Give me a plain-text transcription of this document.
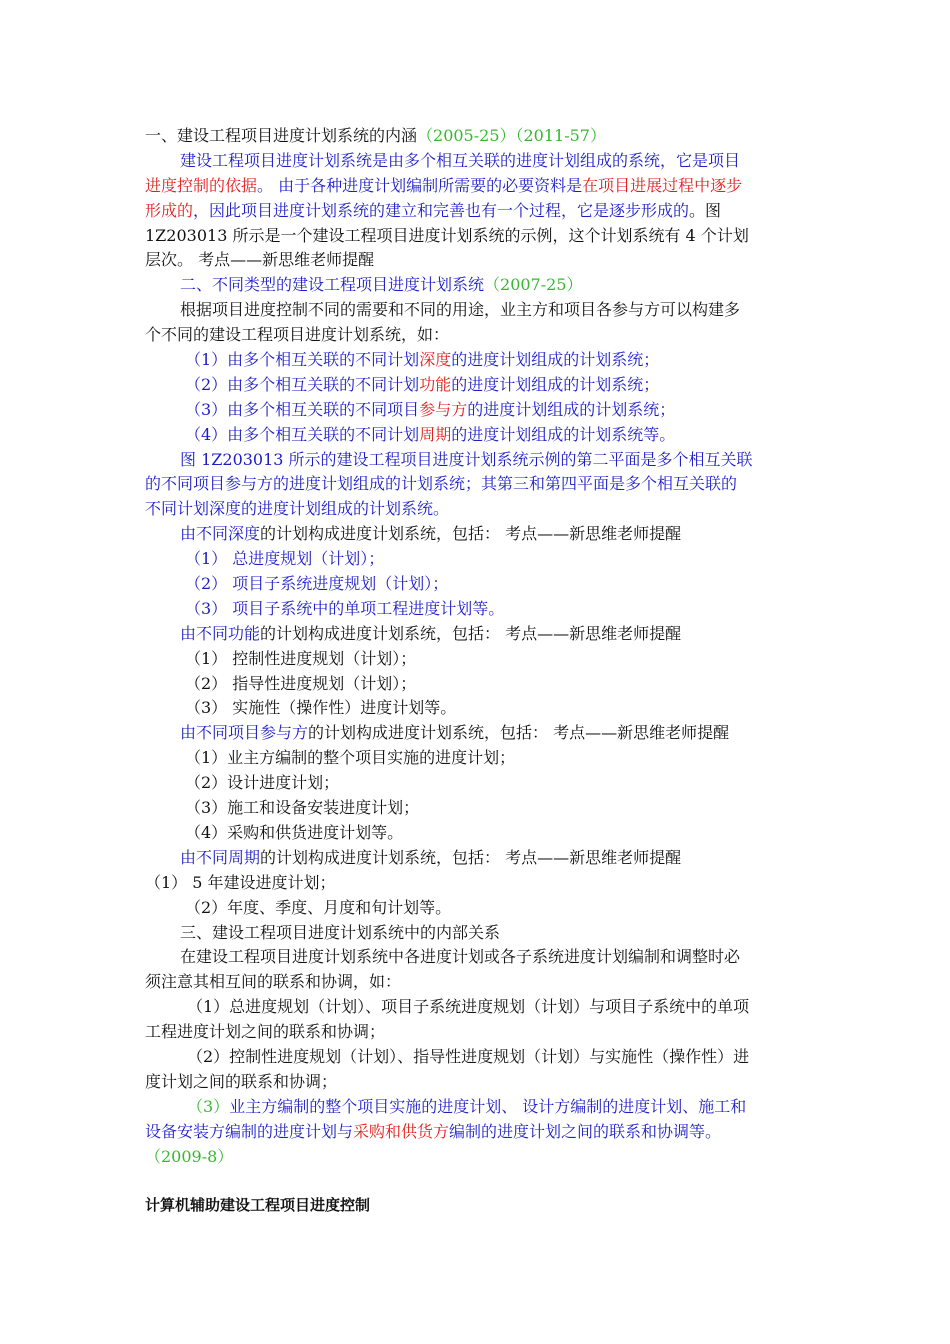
一、建设工程项目进度计划系统的内涵（2005-25）（2011-57）
建设工程项目进度计划系统是由多个相互关联的进度计划组成的系统，它是项目
进度控制的依据。 由于各种进度计划编制所需要的必要资料是在项目进展过程中逐步
形成的，因此项目进度计划系统的建立和完善也有一个过程，它是逐步形成的。图
1Z203013 所示是一个建设工程项目进度计划系统的示例，这个计划系统有 4 个计划
层次。 考点——新思维老师提醒
二、不同类型的建设工程项目进度计划系统（2007-25）
根据项目进度控制不同的需要和不同的用途，业主方和项目各参与方可以构建多
个不同的建设工程项目进度计划系统，如：
（1）由多个相互关联的不同计划深度的进度计划组成的计划系统；
（2）由多个相互关联的不同计划功能的进度计划组成的计划系统；
（3）由多个相互关联的不同项目参与方的进度计划组成的计划系统；
（4）由多个相互关联的不同计划周期的进度计划组成的计划系统等。
图 1Z203013 所示的建设工程项目进度计划系统示例的第二平面是多个相互关联
的不同项目参与方的进度计划组成的计划系统；其第三和第四平面是多个相互关联的
不同计划深度的进度计划组成的计划系统。
由不同深度的计划构成进度计划系统，包括： 考点——新思维老师提醒
（1） 总进度规划（计划）；
（2） 项目子系统进度规划（计划）；
（3） 项目子系统中的单项工程进度计划等。
由不同功能的计划构成进度计划系统，包括： 考点——新思维老师提醒
（1） 控制性进度规划（计划）；
（2） 指导性进度规划（计划）；
（3） 实施性（操作性）进度计划等。
由不同项目参与方的计划构成进度计划系统，包括： 考点——新思维老师提醒
（1）业主方编制的整个项目实施的进度计划；
（2）设计进度计划；
（3）施工和设备安装进度计划；
（4）采购和供货进度计划等。
由不同周期的计划构成进度计划系统，包括： 考点——新思维老师提醒
（1） 5 年建设进度计划；
（2）年度、季度、月度和旬计划等。
三、建设工程项目进度计划系统中的内部关系
在建设工程项目进度计划系统中各进度计划或各子系统进度计划编制和调整时必
须注意其相互间的联系和协调，如：
（1）总进度规划（计划）、项目子系统进度规划（计划）与项目子系统中的单项
工程进度计划之间的联系和协调；
（2）控制性进度规划（计划）、指导性进度规划（计划）与实施性（操作性）进
度计划之间的联系和协调；
（3）业主方编制的整个项目实施的进度计划、 设计方编制的进度计划、施工和
设备安装方编制的进度计划与采购和供货方编制的进度计划之间的联系和协调等。
（2009-8）
计算机辅助建设工程项目进度控制
